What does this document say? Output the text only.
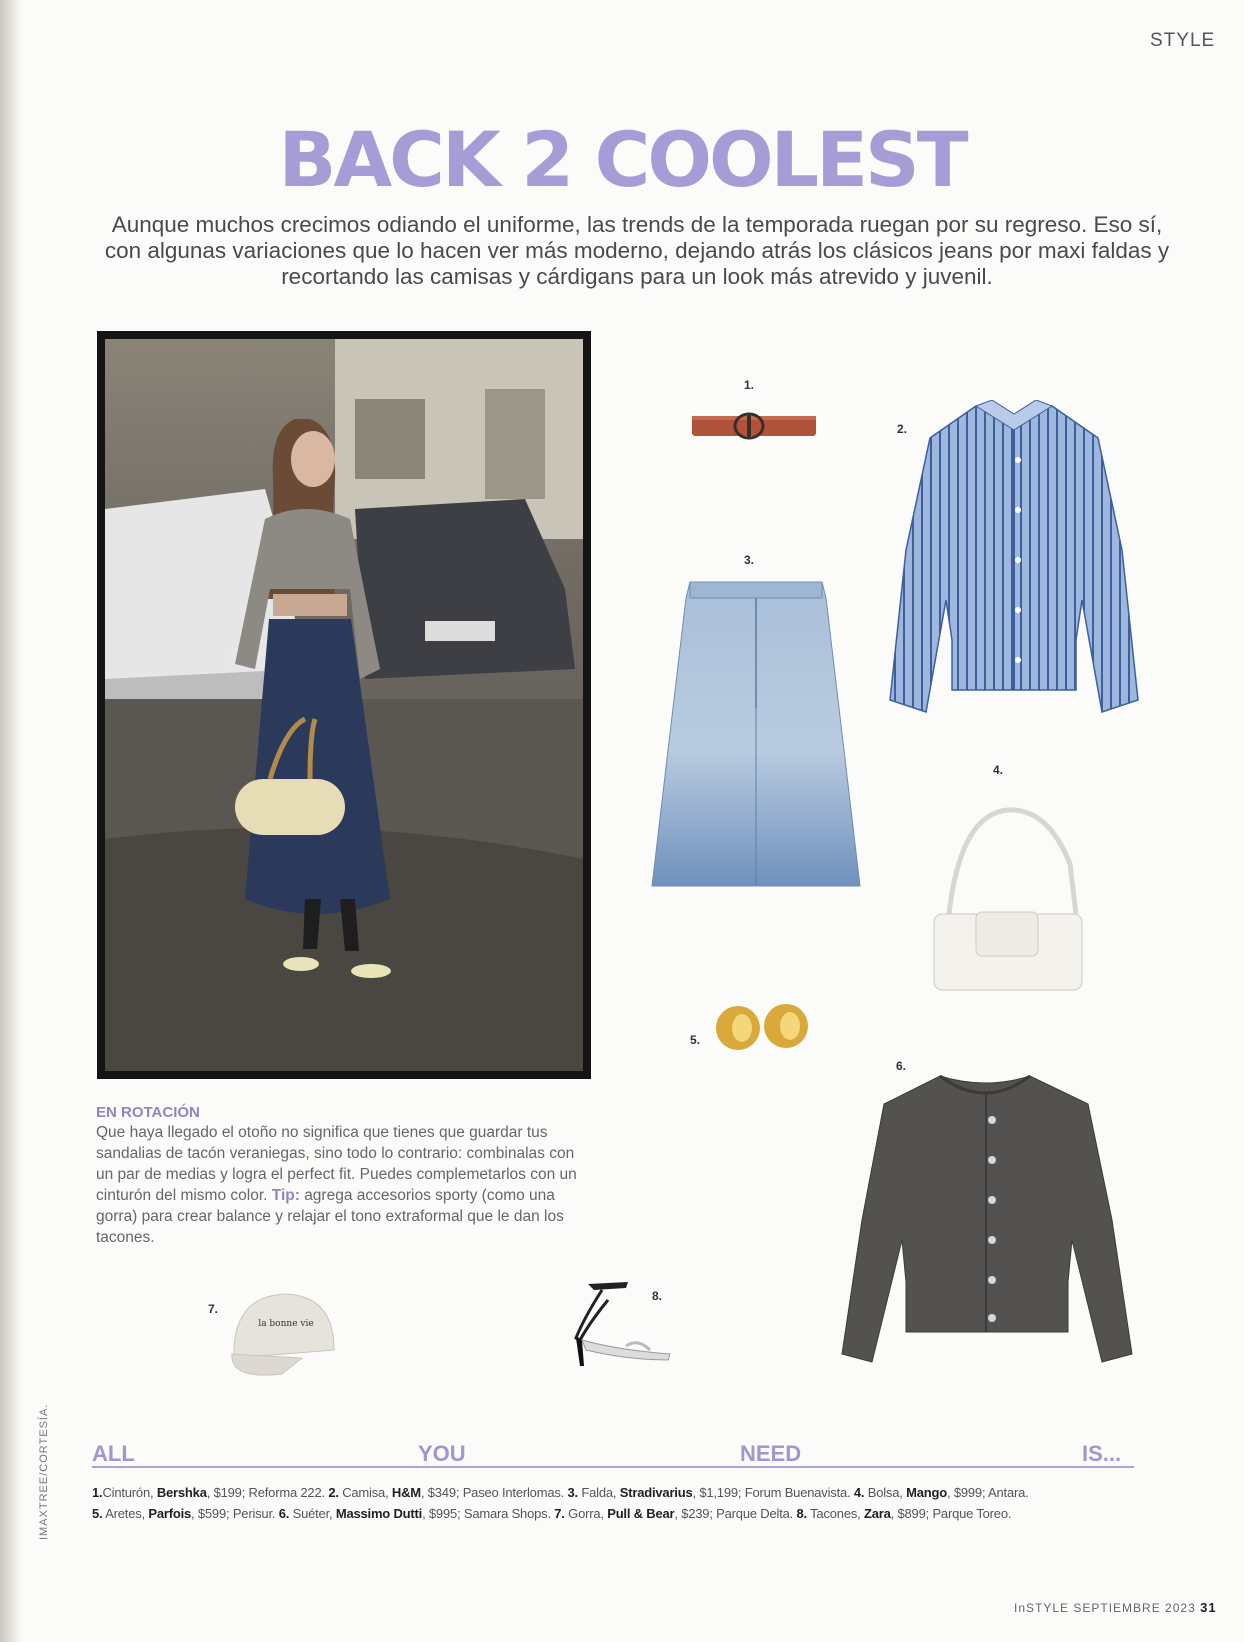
STYLE
BACK 2 COOLEST
Aunque muchos crecimos odiando el uniforme, las trends de la temporada ruegan por su regreso. Eso sí, con algunas variaciones que lo hacen ver más moderno, dejando atrás los clásicos jeans por maxi faldas y recortando las camisas y cárdigans para un look más atrevido y juvenil.
1.
2.
3.
4.
5.
6.
EN ROTACIÓN
Que haya llegado el otoño no significa que tienes que guardar tus sandalias de tacón veraniegas, sino todo lo contrario: combinalas con un par de medias y logra el perfect fit. Puedes complemetarlos con un cinturón del mismo color. Tip: agrega accesorios sporty (como una gorra) para crear balance y relajar el tono extraformal que le dan los tacones.
7.
la bonne vie
8.
IMAXTREE/CORTESÍA. ALL	YOU	NEED	IS...
1.Cinturón, Bershka, $199; Reforma 222. 2. Camisa, H&M, $349; Paseo Interlomas. 3. Falda, Stradivarius, $1,199; Forum Buenavista. 4. Bolsa, Mango, $999; Antara.
5. Aretes, Parfois, $599; Perisur. 6. Suéter, Massimo Dutti, $995; Samara Shops. 7. Gorra, Pull & Bear, $239; Parque Delta. 8. Tacones, Zara, $899; Parque Toreo.
InSTYLE SEPTIEMBRE 2023 31
